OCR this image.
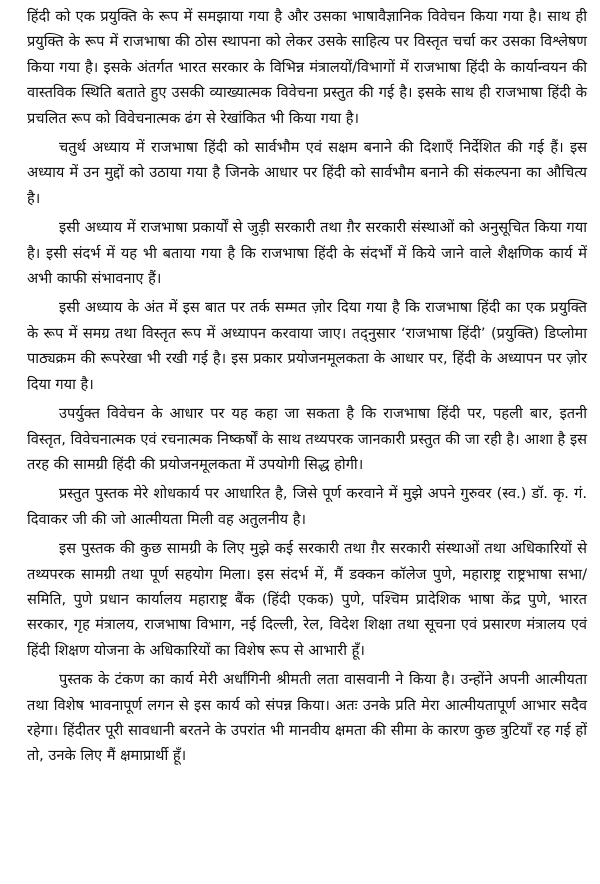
हिंदी को एक प्रयुक्ति के रूप में समझाया गया है और उसका भाषावैज्ञानिक विवेचन किया गया है। साथ ही प्रयुक्ति के रूप में राजभाषा की ठोस स्थापना को लेकर उसके साहित्य पर विस्तृत चर्चा कर उसका विश्लेषण किया गया है। इसके अंतर्गत भारत सरकार के विभिन्न मंत्रालयों/विभागों में राजभाषा हिंदी के कार्यान्वयन की वास्तविक स्थिति बताते हुए उसकी व्याख्यात्मक विवेचना प्रस्तुत की गई है। इसके साथ ही राजभाषा हिंदी के प्रचलित रूप को विवेचनात्मक ढंग से रेखांकित भी किया गया है।

चतुर्थ अध्याय में राजभाषा हिंदी को सार्वभौम एवं सक्षम बनाने की दिशाएँ निर्देशित की गई हैं। इस अध्याय में उन मुद्दों को उठाया गया है जिनके आधार पर हिंदी को सार्वभौम बनाने की संकल्पना का औचित्य है।

इसी अध्याय में राजभाषा प्रकार्यों से जुड़ी सरकारी तथा ग़ैर सरकारी संस्थाओं को अनुसूचित किया गया है। इसी संदर्भ में यह भी बताया गया है कि राजभाषा हिंदी के संदर्भों में किये जाने वाले शैक्षणिक कार्य में अभी काफी संभावनाए हैं।

इसी अध्याय के अंत में इस बात पर तर्क सम्मत ज़ोर दिया गया है कि राजभाषा हिंदी का एक प्रयुक्ति के रूप में समग्र तथा विस्तृत रूप में अध्यापन करवाया जाए। तद्नुसार ‘राजभाषा हिंदी’ (प्रयुक्ति) डिप्लोमा पाठ्यक्रम की रूपरेखा भी रखी गई है। इस प्रकार प्रयोजनमूलकता के आधार पर, हिंदी के अध्यापन पर ज़ोर दिया गया है।

उपर्युक्त विवेचन के आधार पर यह कहा जा सकता है कि राजभाषा हिंदी पर, पहली बार, इतनी विस्तृत, विवेचनात्मक एवं रचनात्मक निष्कर्षों के साथ तथ्यपरक जानकारी प्रस्तुत की जा रही है। आशा है इस तरह की सामग्री हिंदी की प्रयोजनमूलकता में उपयोगी सिद्ध होगी।

प्रस्तुत पुस्तक मेरे शोधकार्य पर आधारित है, जिसे पूर्ण करवाने में मुझे अपने गुरुवर (स्व.) डॉ. कृ. गं. दिवाकर जी की जो आत्मीयता मिली वह अतुलनीय है।

इस पुस्तक की कुछ सामग्री के लिए मुझे कई सरकारी तथा ग़ैर सरकारी संस्थाओं तथा अधिकारियों से तथ्यपरक सामग्री तथा पूर्ण सहयोग मिला। इस संदर्भ में, मैं डक्कन कॉलेज पुणे, महाराष्ट्र राष्ट्रभाषा सभा/समिति, पुणे प्रधान कार्यालय महाराष्ट्र बैंक (हिंदी एकक) पुणे, पश्चिम प्रादेशिक भाषा केंद्र पुणे, भारत सरकार, गृह मंत्रालय, राजभाषा विभाग, नई दिल्ली, रेल, विदेश शिक्षा तथा सूचना एवं प्रसारण मंत्रालय एवं हिंदी शिक्षण योजना के अधिकारियों का विशेष रूप से आभारी हूँ।

पुस्तक के टंकण का कार्य मेरी अर्धांगिनी श्रीमती लता वासवानी ने किया है। उन्होंने अपनी आत्मीयता तथा विशेष भावनापूर्ण लगन से इस कार्य को संपन्न किया। अतः उनके प्रति मेरा आत्मीयतापूर्ण आभार सदैव रहेगा। हिंदीतर पूरी सावधानी बरतने के उपरांत भी मानवीय क्षमता की सीमा के कारण कुछ त्रुटियाँ रह गई हों तो, उनके लिए मैं क्षमाप्रार्थी हूँ।
